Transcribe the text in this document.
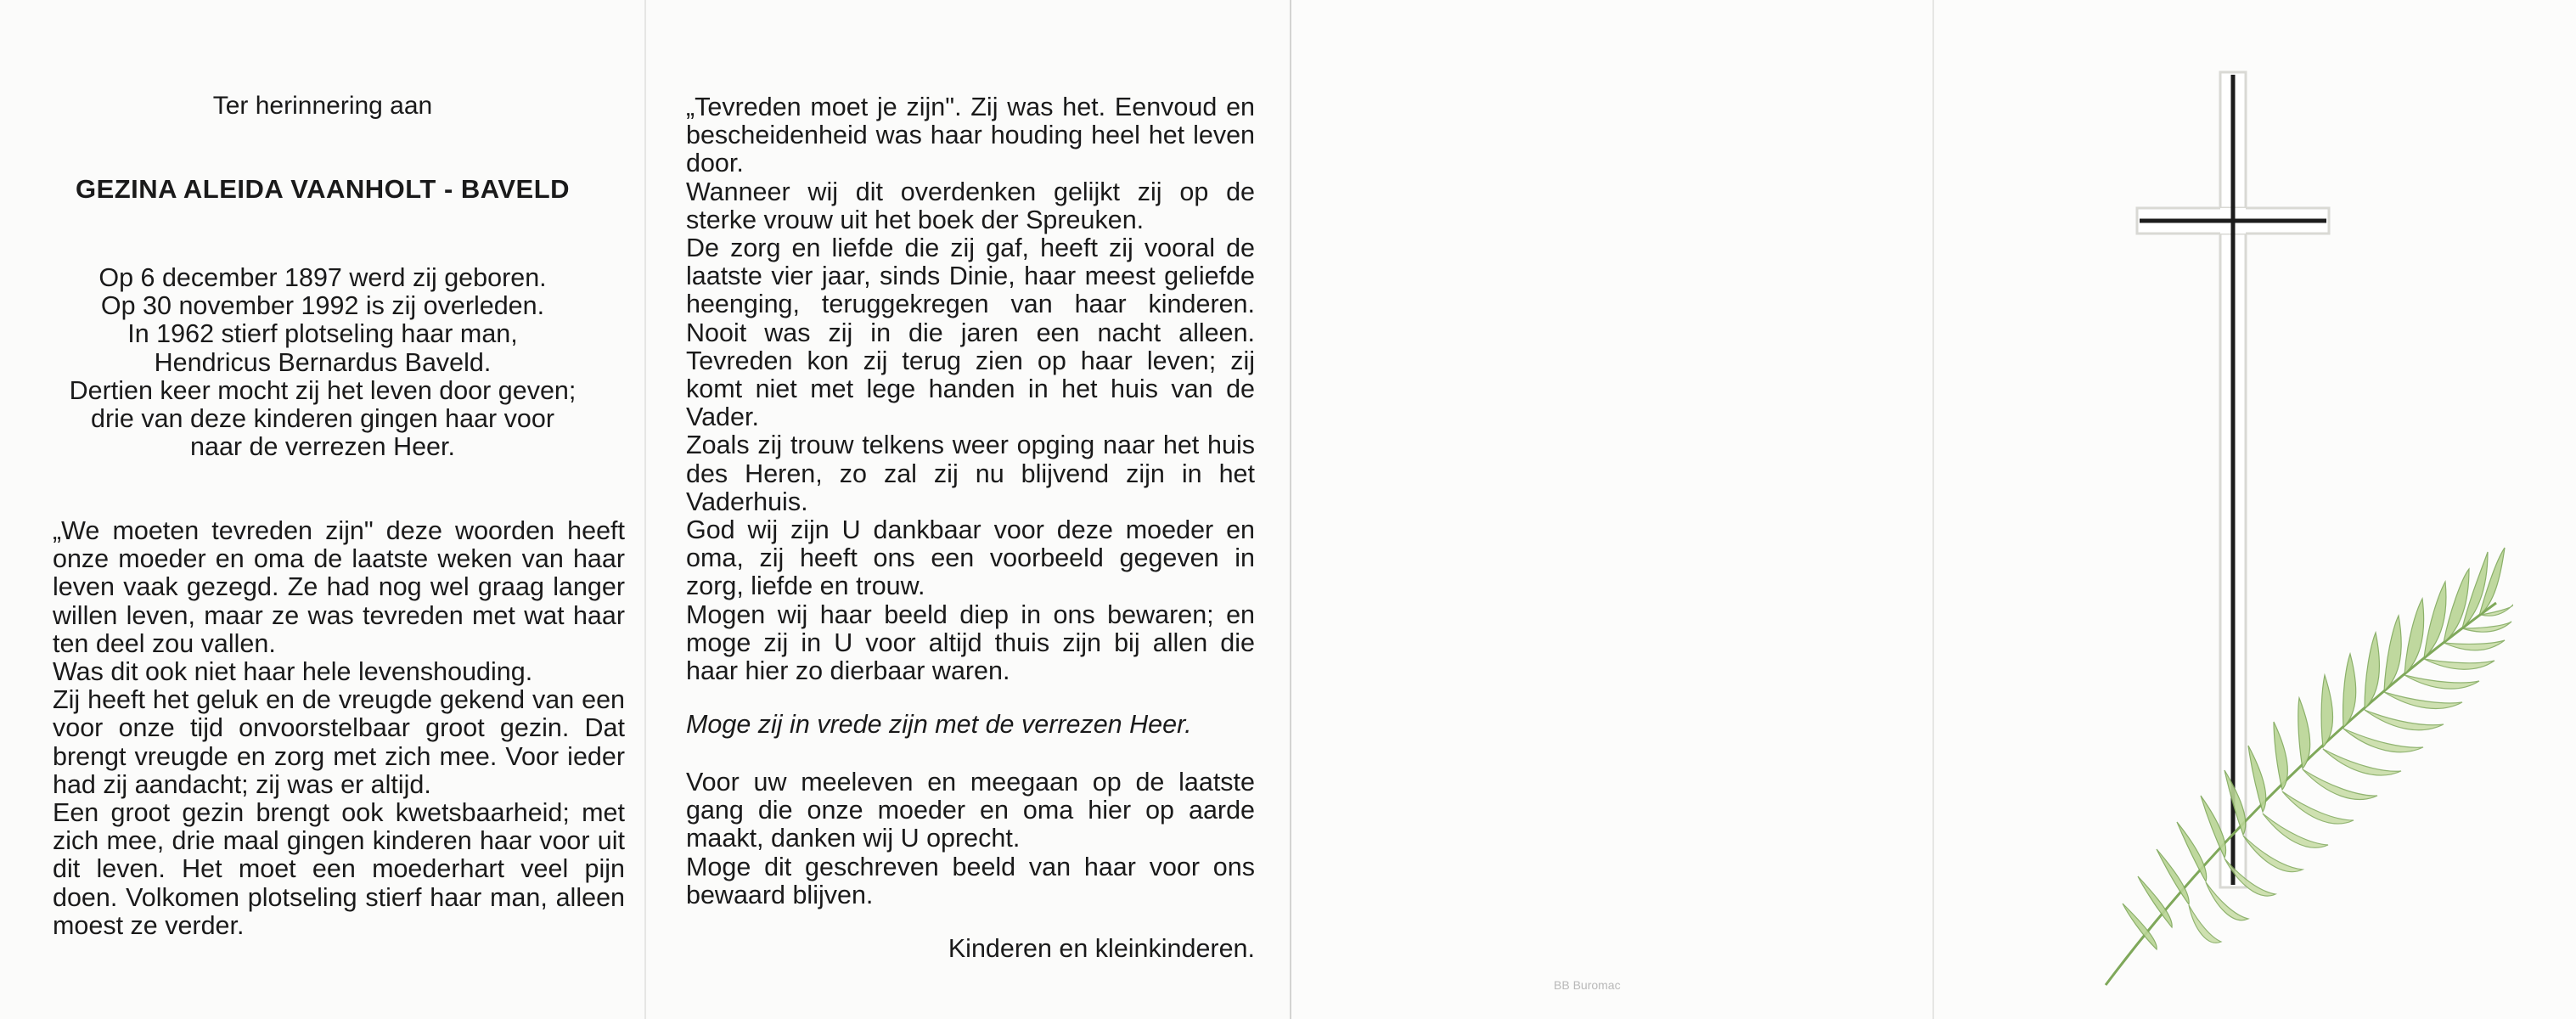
Ter herinnering aan
GEZINA ALEIDA VAANHOLT - BAVELD

Op 6 december 1897 werd zij geboren.

Op 30 november 1992 is zij overleden.

In 1962 stierf plotseling haar man,

Hendricus Bernardus Baveld.

Dertien keer mocht zij het leven door geven;

drie van deze kinderen gingen haar voor

naar de verrezen Heer.

„We moeten tevreden zijn" deze woorden heeft onze moeder en oma de laatste weken van haar leven vaak gezegd. Ze had nog wel graag langer willen leven, maar ze was tevreden met wat haar ten deel zou vallen.

Was dit ook niet haar hele levenshouding.

Zij heeft het geluk en de vreugde gekend van een voor onze tijd onvoorstelbaar groot gezin. Dat brengt vreugde en zorg met zich mee. Voor ieder had zij aandacht; zij was er altijd.

Een groot gezin brengt ook kwetsbaarheid; met zich mee, drie maal gingen kinderen haar voor uit dit leven. Het moet een moederhart veel pijn doen. Volkomen plotseling stierf haar man, alleen moest ze verder.

„Tevreden moet je zijn". Zij was het. Eenvoud en bescheidenheid was haar houding heel het leven door.

Wanneer wij dit overdenken gelijkt zij op de sterke vrouw uit het boek der Spreuken.

De zorg en liefde die zij gaf, heeft zij vooral de laatste vier jaar, sinds Dinie, haar meest geliefde heenging, teruggekregen van haar kinderen. Nooit was zij in die jaren een nacht alleen. Tevreden kon zij terug zien op haar leven; zij komt niet met lege handen in het huis van de Vader.

Zoals zij trouw telkens weer opging naar het huis des Heren, zo zal zij nu blijvend zijn in het Vaderhuis.

God wij zijn U dankbaar voor deze moeder en oma, zij heeft ons een voorbeeld gegeven in zorg, liefde en trouw.

Mogen wij haar beeld diep in ons bewaren; en moge zij in U voor altijd thuis zijn bij allen die haar hier zo dierbaar waren.

Moge zij in vrede zijn met de verrezen Heer.

Voor uw meeleven en meegaan op de laatste gang die onze moeder en oma hier op aarde maakt, danken wij U oprecht.

Moge dit geschreven beeld van haar voor ons bewaard blijven.

Kinderen en kleinkinderen.
BB Buromac
